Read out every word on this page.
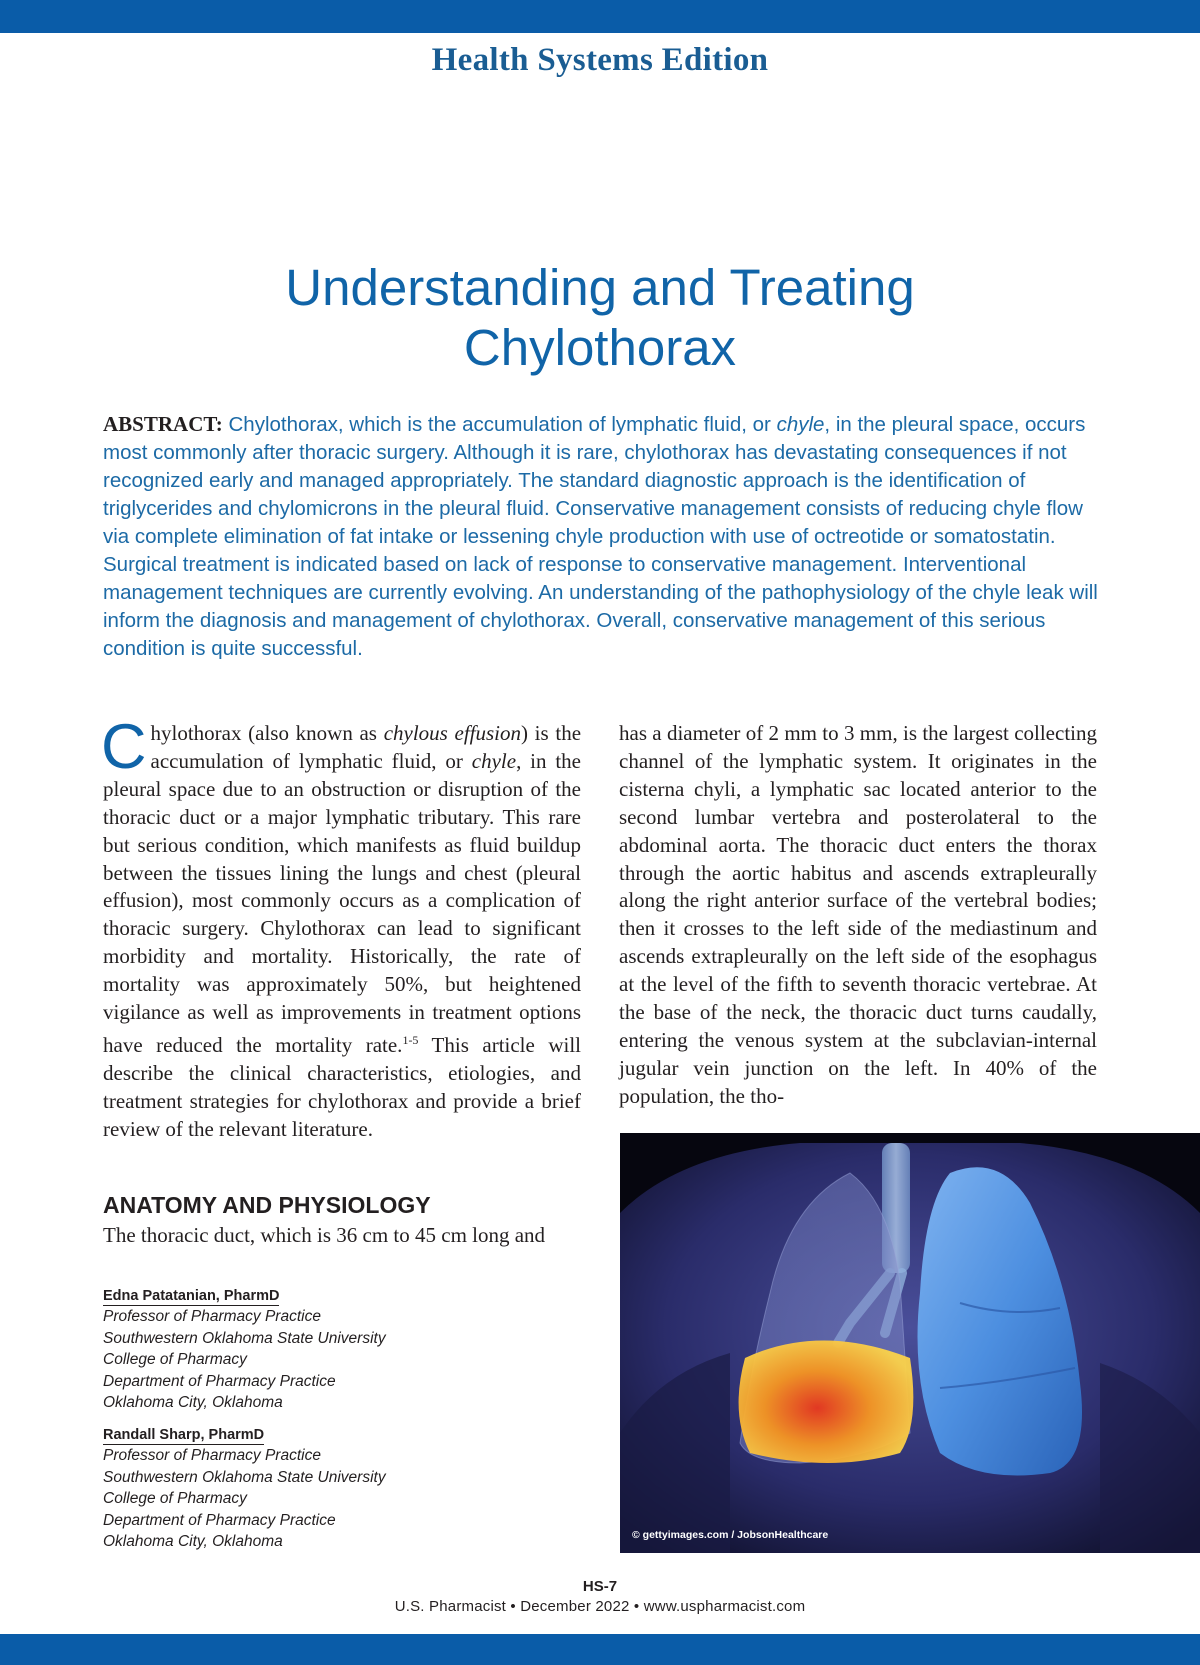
Health Systems Edition
Understanding and Treating
Chylothorax
ABSTRACT: Chylothorax, which is the accumulation of lymphatic fluid, or chyle, in the pleural space, occurs most commonly after thoracic surgery. Although it is rare, chylothorax has devastating consequences if not recognized early and managed appropriately. The standard diagnostic approach is the identification of triglycerides and chylomicrons in the pleural fluid. Conservative management consists of reducing chyle flow via complete elimination of fat intake or lessening chyle production with use of octreotide or somatostatin. Surgical treatment is indicated based on lack of response to conservative management. Interventional management techniques are currently evolving. An understanding of the pathophysiology of the chyle leak will inform the diagnosis and management of chylothorax. Overall, conservative management of this serious condition is quite successful.

Chylothorax (also known as chylous effusion) is the accumulation of lymphatic fluid, or chyle, in the pleural space due to an obstruction or disruption of the thoracic duct or a major lymphatic tributary. This rare but serious condition, which manifests as fluid buildup between the tissues lining the lungs and chest (pleural effusion), most commonly occurs as a complication of thoracic surgery. Chylothorax can lead to significant morbidity and mortality. Historically, the rate of mortality was approximately 50%, but heightened vigilance as well as improvements in treatment options have reduced the mortality rate.$^{1-5}$ This article will describe the clinical characteristics, etiologies, and treatment strategies for chylothorax and provide a brief review of the relevant literature.

ANATOMY AND PHYSIOLOGY
The thoracic duct, which is 36 cm to 45 cm long and

has a diameter of 2 mm to 3 mm, is the largest collecting channel of the lymphatic system. It originates in the cisterna chyli, a lymphatic sac located anterior to the second lumbar vertebra and posterolateral to the abdominal aorta. The thoracic duct enters the thorax through the aortic habitus and ascends extrapleurally along the right anterior surface of the vertebral bodies; then it crosses to the left side of the mediastinum and ascends extrapleurally on the left side of the esophagus at the level of the fifth to seventh thoracic vertebrae. At the base of the neck, the thoracic duct turns caudally, entering the venous system at the subclavian-internal jugular vein junction on the left. In 40% of the population, the tho-

Edna Patatanian, PharmD
Professor of Pharmacy Practice
Southwestern Oklahoma State University
College of Pharmacy
Department of Pharmacy Practice
Oklahoma City, Oklahoma
Randall Sharp, PharmD
Professor of Pharmacy Practice
Southwestern Oklahoma State University
College of Pharmacy
Department of Pharmacy Practice
Oklahoma City, Oklahoma	© gettyimages.com / JobsonHealthcare
HS-7
U.S. Pharmacist • December 2022 • www.uspharmacist.com
